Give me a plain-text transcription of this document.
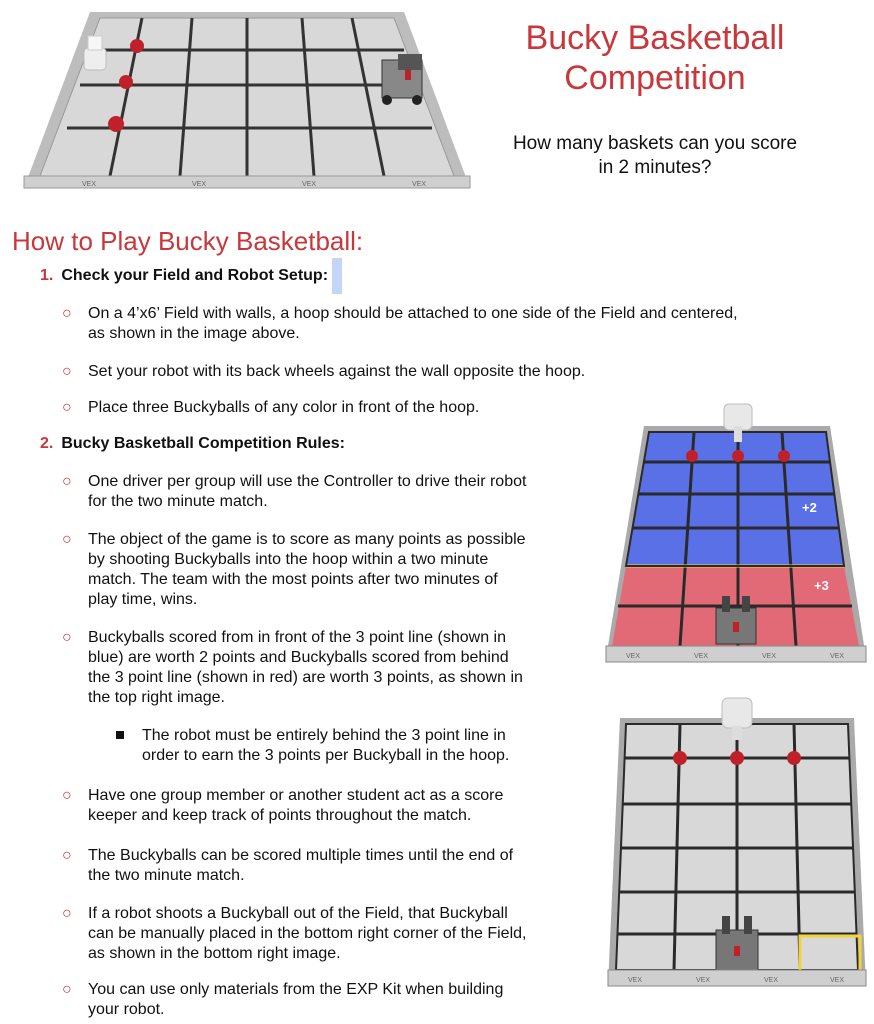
VEX	VEX	VEX	VEX
Bucky Basketball
Competition
How many baskets can you score
in 2 minutes?
How to Play Bucky Basketball:
1. Check your Field and Robot Setup:
○ On a 4’x6’ Field with walls, a hoop should be attached to one side of the Field and centered,
as shown in the image above.
○ Set your robot with its back wheels against the wall opposite the hoop.
○ Place three Buckyballs of any color in front of the hoop.
2. Bucky Basketball Competition Rules:
○ One driver per group will use the Controller to drive their robot
for the two minute match.
○ The object of the game is to score as many points as possible
by shooting Buckyballs into the hoop within a two minute
match. The team with the most points after two minutes of
play time, wins.
○ Buckyballs scored from in front of the 3 point line (shown in
blue) are worth 2 points and Buckyballs scored from behind
the 3 point line (shown in red) are worth 3 points, as shown in
the top right image.
The robot must be entirely behind the 3 point line in
order to earn the 3 points per Buckyball in the hoop.
○ Have one group member or another student act as a score
keeper and keep track of points throughout the match.
○ The Buckyballs can be scored multiple times until the end of
the two minute match.
○ If a robot shoots a Buckyball out of the Field, that Buckyball
can be manually placed in the bottom right corner of the Field,
as shown in the bottom right image.
○ You can use only materials from the EXP Kit when building
your robot.
+2
+3
VEX	VEX	VEX	VEX
VEX	VEX	VEX	VEX
